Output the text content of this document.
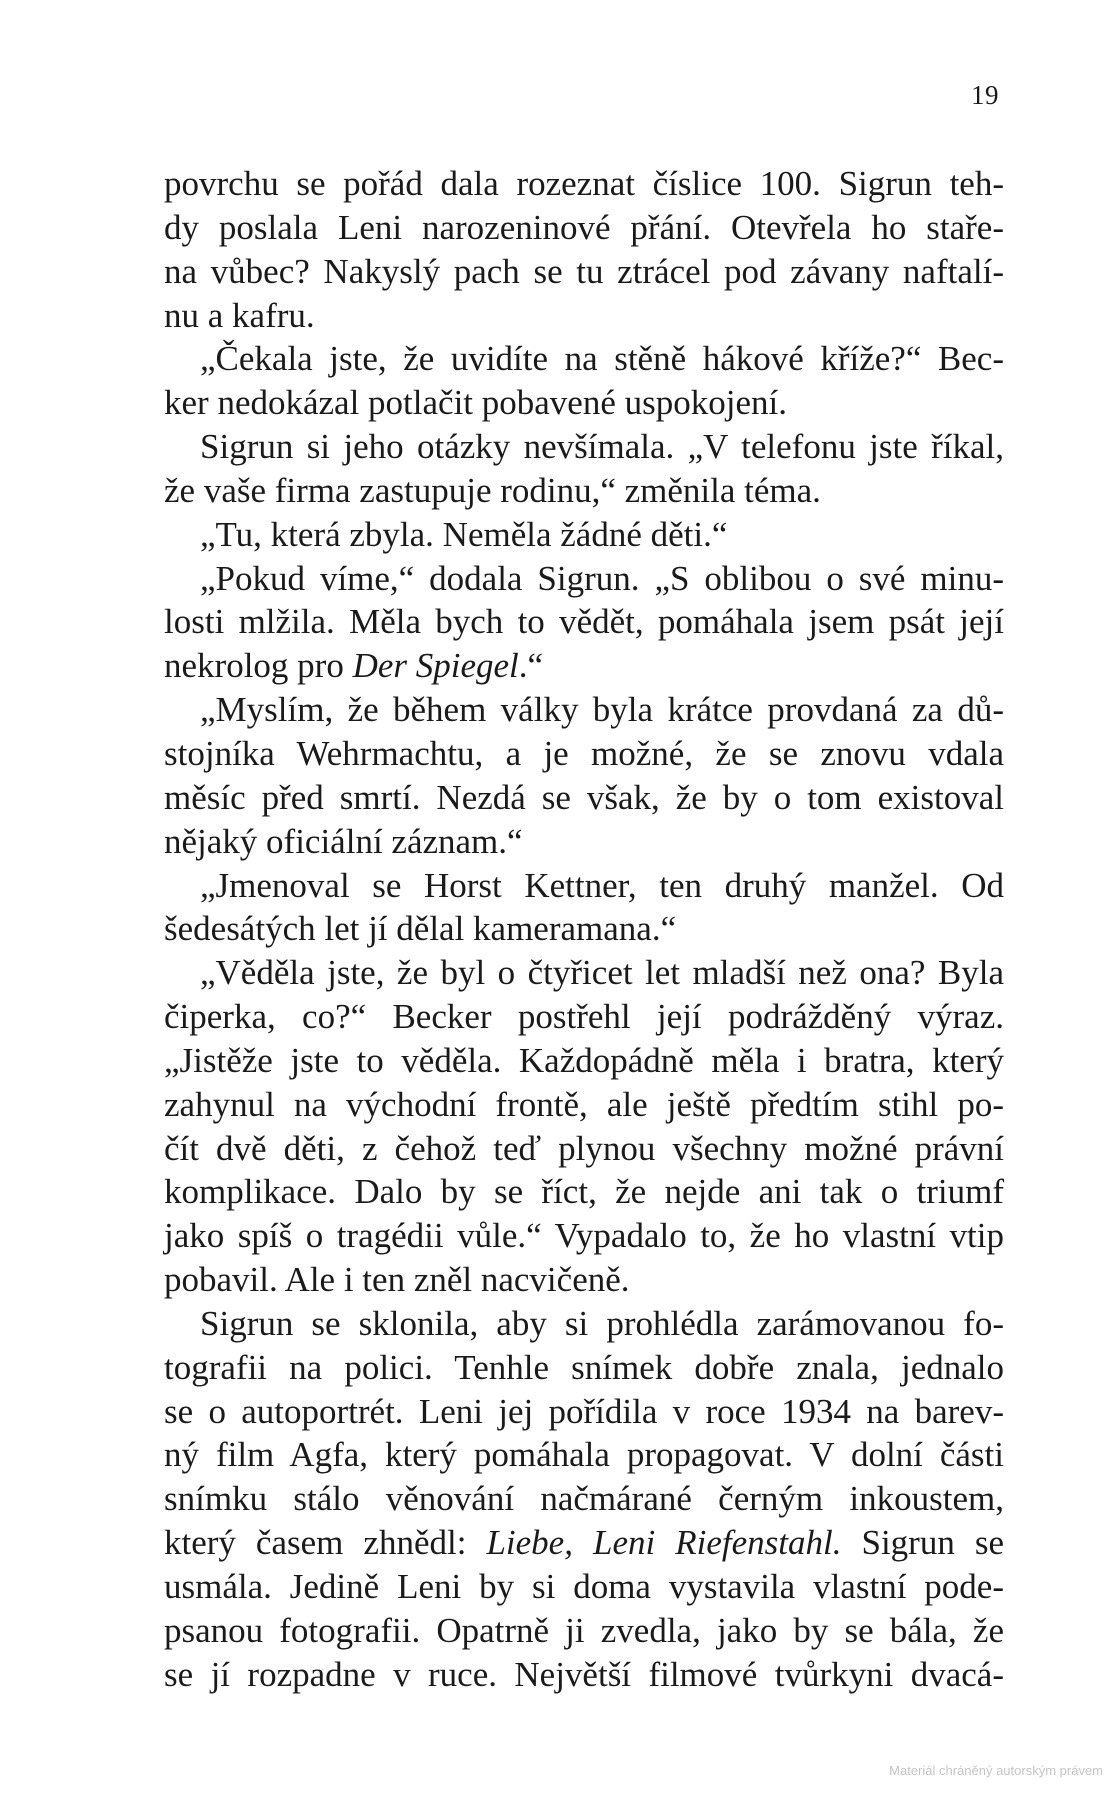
19
povrchu se pořád dala rozeznat číslice 100. Sigrun teh-
dy poslala Leni narozeninové přání. Otevřela ho staře-
na vůbec? Nakyslý pach se tu ztrácel pod závany naftalí-
nu a kafru.
„Čekala jste, že uvidíte na stěně hákové kříže?“ Bec-
ker nedokázal potlačit pobavené uspokojení.
Sigrun si jeho otázky nevšímala. „V telefonu jste říkal,
že vaše firma zastupuje rodinu,“ změnila téma.
„Tu, která zbyla. Neměla žádné děti.“
„Pokud víme,“ dodala Sigrun. „S oblibou o své minu-
losti mlžila. Měla bych to vědět, pomáhala jsem psát její
nekrolog pro Der Spiegel.“
„Myslím, že během války byla krátce provdaná za dů-
stojníka Wehrmachtu, a je možné, že se znovu vdala
měsíc před smrtí. Nezdá se však, že by o tom existoval
nějaký oficiální záznam.“
„Jmenoval se Horst Kettner, ten druhý manžel. Od
šedesátých let jí dělal kameramana.“
„Věděla jste, že byl o čtyřicet let mladší než ona? Byla
čiperka, co?“ Becker postřehl její podrážděný výraz.
„Jistěže jste to věděla. Každopádně měla i bratra, který
zahynul na východní frontě, ale ještě předtím stihl po-
čít dvě děti, z čehož teď plynou všechny možné právní
komplikace. Dalo by se říct, že nejde ani tak o triumf
jako spíš o tragédii vůle.“ Vypadalo to, že ho vlastní vtip
pobavil. Ale i ten zněl nacvičeně.
Sigrun se sklonila, aby si prohlédla zarámovanou fo-
tografii na polici. Tenhle snímek dobře znala, jednalo
se o autoportrét. Leni jej pořídila v roce 1934 na barev-
ný film Agfa, který pomáhala propagovat. V dolní části
snímku stálo věnování načmárané černým inkoustem,
který časem zhnědl: Liebe, Leni Riefenstahl. Sigrun se
usmála. Jedině Leni by si doma vystavila vlastní pode-
psanou fotografii. Opatrně ji zvedla, jako by se bála, že
se jí rozpadne v ruce. Největší filmové tvůrkyni dvacá-
Materiál chráněný autorským právem
